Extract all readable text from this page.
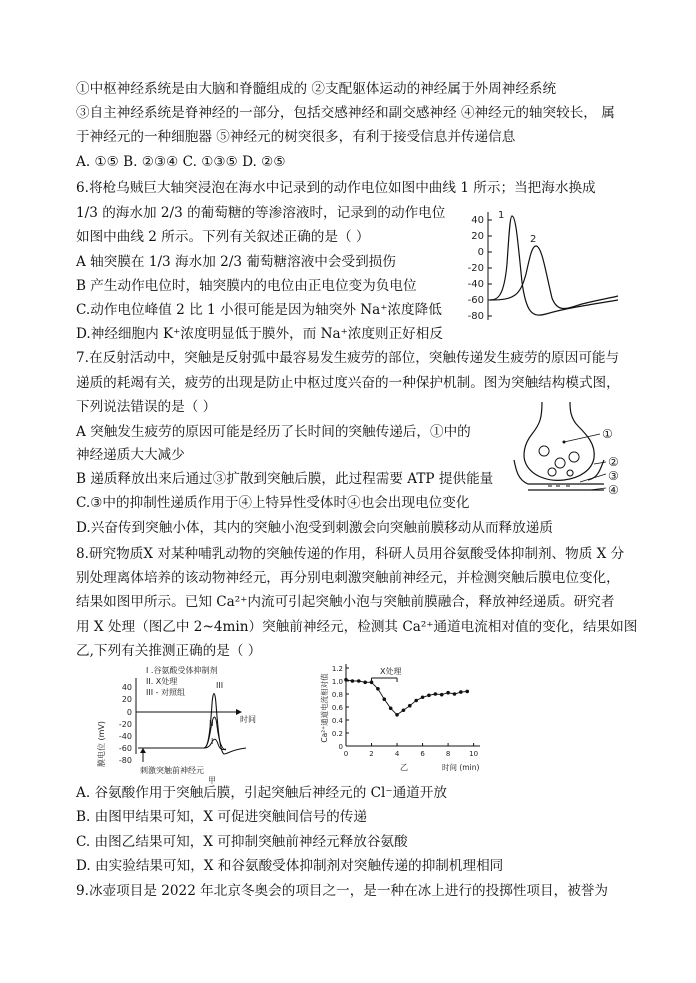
①中枢神经系统是由大脑和脊髓组成的 ②支配躯体运动的神经属于外周神经系统
③自主神经系统是脊神经的一部分，包括交感神经和副交感神经 ④神经元的轴突较长， 属
于神经元的一种细胞器 ⑤神经元的树突很多，有利于接受信息并传递信息
A. ①⑤ B. ②③④ C. ①③⑤ D. ②⑤
6.将枪乌贼巨大轴突浸泡在海水中记录到的动作电位如图中曲线 1 所示；当把海水换成
1/3 的海水加 2/3 的葡萄糖的等渗溶液时，记录到的动作电位
如图中曲线 2 所示。下列有关叙述正确的是（ ）
A 轴突膜在 1/3 海水加 2/3 葡萄糖溶液中会受到损伤
B 产生动作电位时，轴突膜内的电位由正电位变为负电位
C.动作电位峰值 2 比 1 小很可能是因为轴突外 Na⁺浓度降低
D.神经细胞内 K⁺浓度明显低于膜外，而 Na⁺浓度则正好相反
7.在反射活动中，突触是反射弧中最容易发生疲劳的部位，突触传递发生疲劳的原因可能与
递质的耗竭有关，疲劳的出现是防止中枢过度兴奋的一种保护机制。图为突触结构模式图，
下列说法错误的是（ ）
A 突触发生疲劳的原因可能是经历了长时间的突触传递后，①中的
神经递质大大减少
B 递质释放出来后通过③扩散到突触后膜，此过程需要 ATP 提供能量
C.③中的抑制性递质作用于④上特异性受体时④也会出现电位变化
D.兴奋传到突触小体，其内的突触小泡受到刺激会向突触前膜移动从而释放递质
8.研究物质X 对某种哺乳动物的突触传递的作用，科研人员用谷氨酸受体抑制剂、物质 X 分
别处理离体培养的该动物神经元，再分别电刺激突触前神经元，并检测突触后膜电位变化，
结果如图甲所示。已知 Ca²⁺内流可引起突触小泡与突触前膜融合，释放神经递质。研究者
用 X 处理（图乙中 2~4min）突触前神经元，检测其 Ca²⁺通道电流相对值的变化，结果如图
乙,下列有关推测正确的是（ ）
A. 谷氨酸作用于突触后膜，引起突触后神经元的 Cl⁻通道开放
B. 由图甲结果可知，X 可促进突触间信号的传递
C. 由图乙结果可知，X 可抑制突触前神经元释放谷氨酸
D. 由实验结果可知，X 和谷氨酸受体抑制剂对突触传递的抑制机理相同
9.冰壶项目是 2022 年北京冬奥会的项目之一，是一种在冰上进行的投掷性项目，被誉为
40
20
0
-20
-40
-60
-80
1
2
①
②
③
④
I .谷氨酸受体抑制剂
II. X处理
III - 对照组
膜电位 (mV)
时间
40
20
0
-20
-40
-60
-80
III
II
I
刺激突触前神经元
甲
Ca²⁺通道电流相对值
X处理
乙	时间 (min)
0
0.2
0.4
0.6
0.8
1.0
1.2
0	2	4	6	8	10
